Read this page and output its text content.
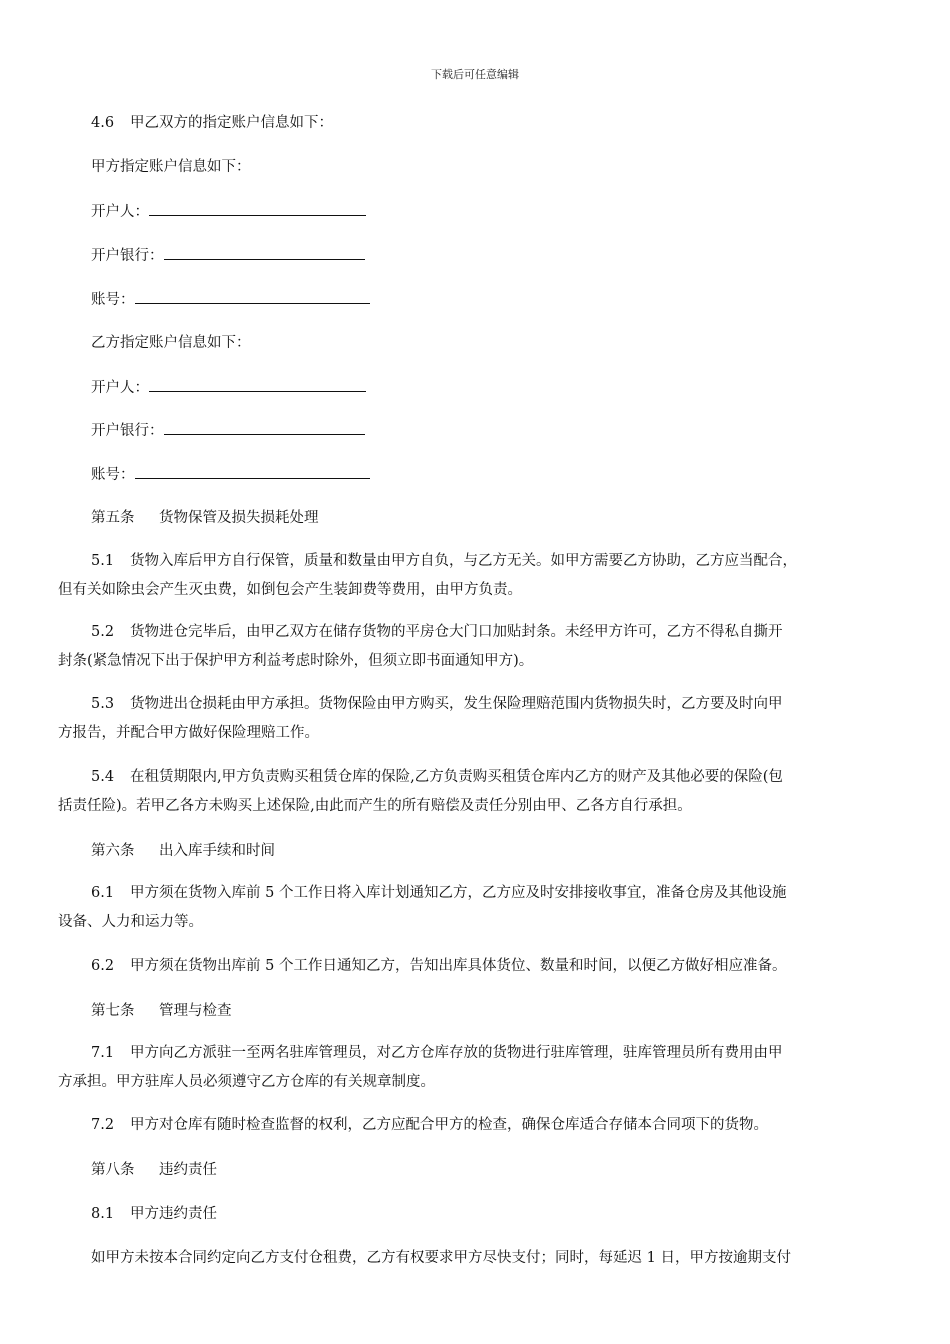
下载后可任意编辑
4.6 甲乙双方的指定账户信息如下：
甲方指定账户信息如下：
开户人：
开户银行：
账号：
乙方指定账户信息如下：
开户人：
开户银行：
账号：
第五条 货物保管及损失损耗处理
5.1 货物入库后甲方自行保管，质量和数量由甲方自负，与乙方无关。如甲方需要乙方协助，乙方应当配合，
但有关如除虫会产生灭虫费，如倒包会产生装卸费等费用，由甲方负责。
5.2 货物进仓完毕后，由甲乙双方在储存货物的平房仓大门口加贴封条。未经甲方许可，乙方不得私自撕开
封条(紧急情况下出于保护甲方利益考虑时除外，但须立即书面通知甲方)。
5.3 货物进出仓损耗由甲方承担。货物保险由甲方购买，发生保险理赔范围内货物损失时，乙方要及时向甲
方报告，并配合甲方做好保险理赔工作。
5.4 在租赁期限内,甲方负责购买租赁仓库的保险,乙方负责购买租赁仓库内乙方的财产及其他必要的保险(包
括责任险)。若甲乙各方未购买上述保险,由此而产生的所有赔偿及责任分别由甲、乙各方自行承担。
第六条 出入库手续和时间
6.1 甲方须在货物入库前 5 个工作日将入库计划通知乙方，乙方应及时安排接收事宜，准备仓房及其他设施
设备、人力和运力等。
6.2 甲方须在货物出库前 5 个工作日通知乙方，告知出库具体货位、数量和时间，以便乙方做好相应准备。
第七条 管理与检查
7.1 甲方向乙方派驻一至两名驻库管理员，对乙方仓库存放的货物进行驻库管理，驻库管理员所有费用由甲
方承担。甲方驻库人员必须遵守乙方仓库的有关规章制度。
7.2 甲方对仓库有随时检查监督的权利，乙方应配合甲方的检查，确保仓库适合存储本合同项下的货物。
第八条 违约责任
8.1 甲方违约责任
如甲方未按本合同约定向乙方支付仓租费，乙方有权要求甲方尽快支付；同时，每延迟 1 日，甲方按逾期支付
